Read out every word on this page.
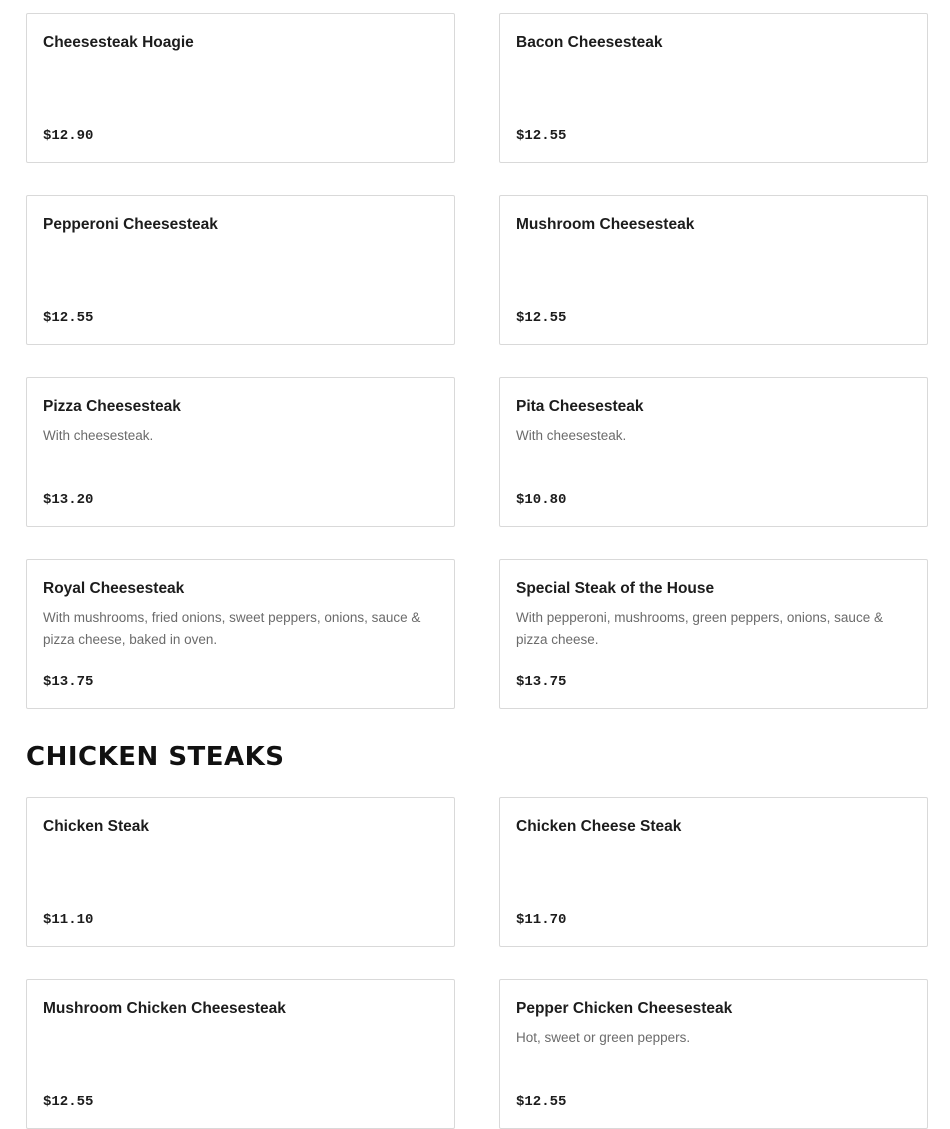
Cheesesteak Hoagie
$12.90
Bacon Cheesesteak
$12.55
Pepperoni Cheesesteak
$12.55
Mushroom Cheesesteak
$12.55
Pizza Cheesesteak
With cheesesteak.
$13.20
Pita Cheesesteak
With cheesesteak.
$10.80
Royal Cheesesteak
With mushrooms, fried onions, sweet peppers, onions, sauce & pizza cheese, baked in oven.
$13.75
Special Steak of the House
With pepperoni, mushrooms, green peppers, onions, sauce & pizza cheese.
$13.75
CHICKEN STEAKS
Chicken Steak
$11.10
Chicken Cheese Steak
$11.70
Mushroom Chicken Cheesesteak
$12.55
Pepper Chicken Cheesesteak
Hot, sweet or green peppers.
$12.55
